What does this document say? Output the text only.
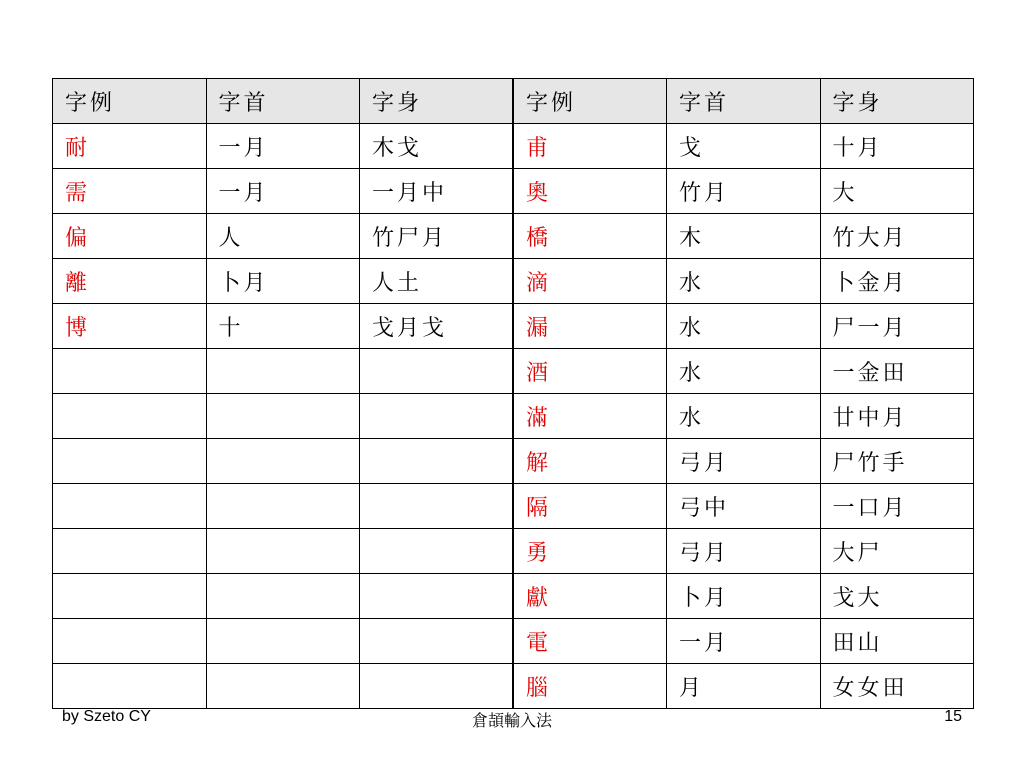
字例	字首	字身	字例	字首	字身
耐	一月	木戈	甫	戈	十月
需	一月	一月中	奧	竹月	大
偏	人	竹尸月	橋	木	竹大月
離	卜月	人土	滴	水	卜金月
博	十	戈月戈	漏	水	尸一月
			酒	水	一金田
			滿	水	廿中月
			解	弓月	尸竹手
			隔	弓中	一口月
			勇	弓月	大尸
			獻	卜月	戈大
			電	一月	田山
			腦	月	女女田
by Szeto CY	倉頡輸入法	15
